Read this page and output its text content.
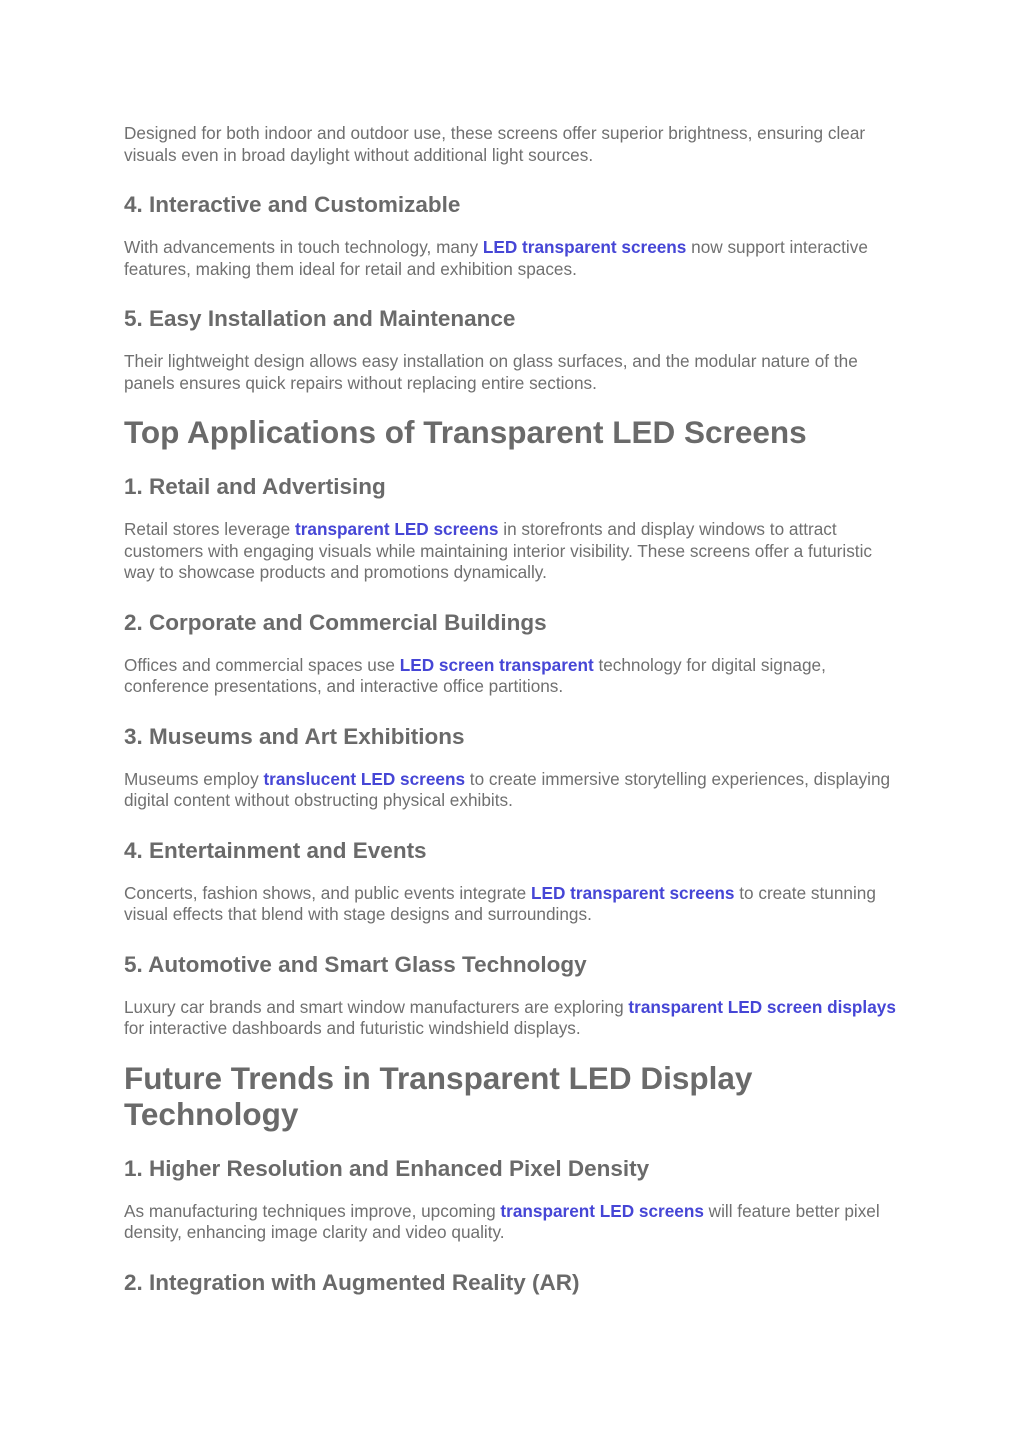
Designed for both indoor and outdoor use, these screens offer superior brightness, ensuring clear visuals even in broad daylight without additional light sources.

4. Interactive and Customizable

With advancements in touch technology, many LED transparent screens now support interactive features, making them ideal for retail and exhibition spaces.

5. Easy Installation and Maintenance

Their lightweight design allows easy installation on glass surfaces, and the modular nature of the panels ensures quick repairs without replacing entire sections.

Top Applications of Transparent LED Screens
1. Retail and Advertising

Retail stores leverage transparent LED screens in storefronts and display windows to attract customers with engaging visuals while maintaining interior visibility. These screens offer a futuristic way to showcase products and promotions dynamically.

2. Corporate and Commercial Buildings

Offices and commercial spaces use LED screen transparent technology for digital signage, conference presentations, and interactive office partitions.

3. Museums and Art Exhibitions

Museums employ translucent LED screens to create immersive storytelling experiences, displaying digital content without obstructing physical exhibits.

4. Entertainment and Events

Concerts, fashion shows, and public events integrate LED transparent screens to create stunning visual effects that blend with stage designs and surroundings.

5. Automotive and Smart Glass Technology

Luxury car brands and smart window manufacturers are exploring transparent LED screen displays for interactive dashboards and futuristic windshield displays.

Future Trends in Transparent LED Display Technology
1. Higher Resolution and Enhanced Pixel Density

As manufacturing techniques improve, upcoming transparent LED screens will feature better pixel density, enhancing image clarity and video quality.

2. Integration with Augmented Reality (AR)
